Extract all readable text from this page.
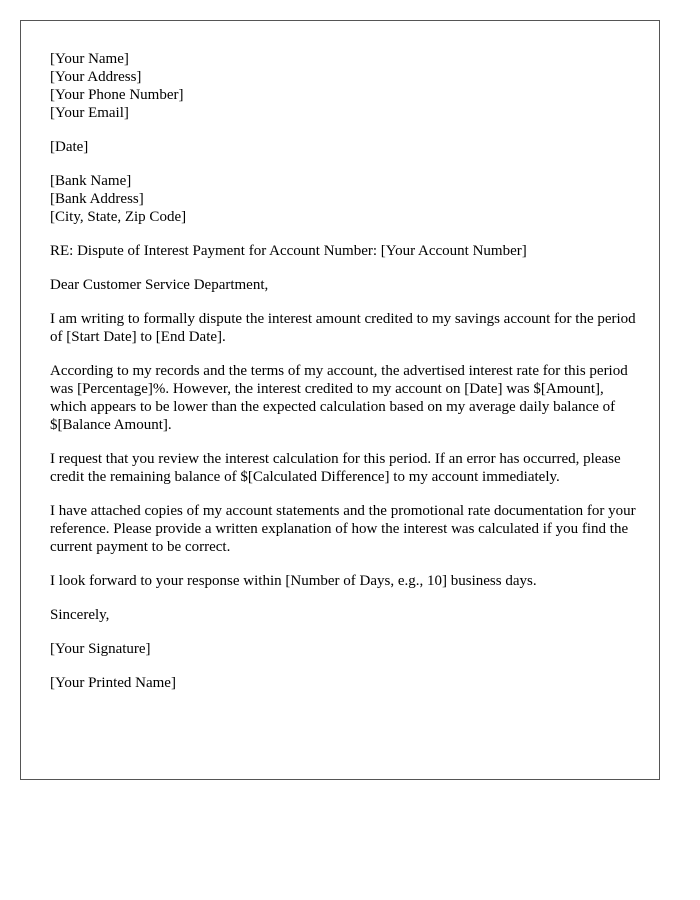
[Your Name]
[Your Address]
[Your Phone Number]
[Your Email]
[Date]
[Bank Name]
[Bank Address]
[City, State, Zip Code]

RE: Dispute of Interest Payment for Account Number: [Your Account Number]

Dear Customer Service Department,

I am writing to formally dispute the interest amount credited to my savings account for the period of [Start Date] to [End Date].

According to my records and the terms of my account, the advertised interest rate for this period was [Percentage]%. However, the interest credited to my account on [Date] was $[Amount], which appears to be lower than the expected calculation based on my average daily balance of $[Balance Amount].

I request that you review the interest calculation for this period. If an error has occurred, please credit the remaining balance of $[Calculated Difference] to my account immediately.

I have attached copies of my account statements and the promotional rate documentation for your reference. Please provide a written explanation of how the interest was calculated if you find the current payment to be correct.

I look forward to your response within [Number of Days, e.g., 10] business days.

Sincerely,

[Your Signature]

[Your Printed Name]
